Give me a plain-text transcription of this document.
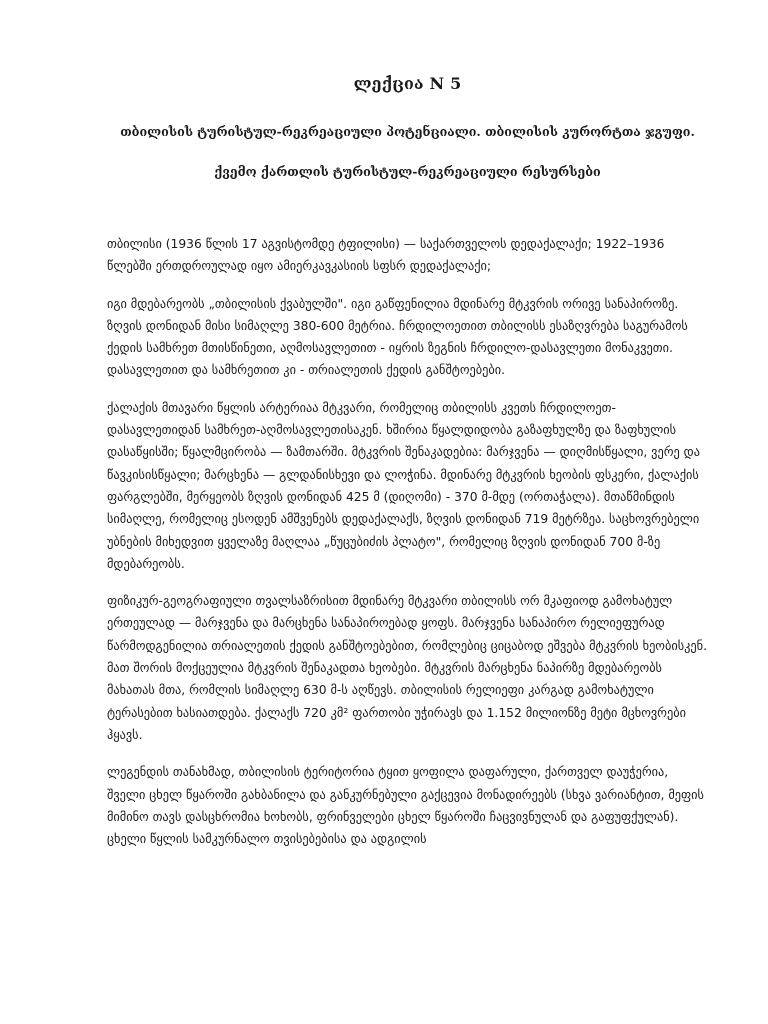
ლექცია N 5

თბილისის ტურისტულ-რეკრეაციული პოტენციალი. თბილისის კურორტთა ჯგუფი.

ქვემო ქართლის ტურისტულ-რეკრეაციული რესურსები

თბილისი (1936 წლის 17 აგვისტომდე ტფილისი) — საქართველოს დედაქალაქი; 1922–1936 წლებში ერთდროულად იყო ამიერკავკასიის სფსრ დედაქალაქი;

იგი მდებარეობს „თბილისის ქვაბულში". იგი გაწფენილია მდინარე მტკვრის ორივე სანაპიროზე. ზღვის დონიდან მისი სიმაღლე 380-600 მეტრია. ჩრდილოეთით თბილისს ესაზღვრება საგურამოს ქედის სამხრეთ მთისწინეთი, აღმოსავლეთით - იყრის ზეგნის ჩრდილო-დასავლეთი მონაკვეთი. დასავლეთით და სამხრეთით კი - თრიალეთის ქედის განშტოებები.

ქალაქის მთავარი წყლის არტერიაა მტკვარი, რომელიც თბილისს კვეთს ჩრდილოეთ-დასავლეთიდან სამხრეთ-აღმოსავლეთისაკენ. ხშირია წყალდიდობა გაზაფხულზე და ზაფხულის დასაწყისში; წყალმცირობა — ზამთარში. მტკვრის შენაკადებია: მარჯვენა — დიღმისწყალი, ვერე და წავკისისწყალი; მარცხენა — გლდანისხევი და ლოჭინა. მდინარე მტკვრის ხეობის ფსკერი, ქალაქის ფარგლებში, მერყეობს ზღვის დონიდან 425 მ (დიღომი) - 370 მ-მდე (ორთაჭალა). მთაწმინდის სიმაღლე, რომელიც ესოდენ ამშვენებს დედაქალაქს, ზღვის დონიდან 719 მეტრზეა. საცხოვრებელი უბნების მიხედვით ყველაზე მაღლაა „წუცუბიძის პლატო", რომელიც ზღვის დონიდან 700 მ-ზე მდებარეობს.

ფიზიკურ-გეოგრაფიული თვალსაზრისით მდინარე მტკვარი თბილისს ორ მკაფიოდ გამოხატულ ერთეულად — მარჯვენა და მარცხენა სანაპიროებად ყოფს. მარჯვენა სანაპირო რელიეფურად წარმოდგენილია თრიალეთის ქედის განშტოებებით, რომლებიც ციცაბოდ ეშვება მტკვრის ხეობისკენ. მათ შორის მოქცეულია მტკვრის შენაკადთა ხეობები. მტკვრის მარცხენა ნაპირზე მდებარეობს მახათას მთა, რომლის სიმაღლე 630 მ-ს აღწევს. თბილისის რელიეფი კარგად გამოხატული ტერასებით ხასიათდება. ქალაქს 720 კმ² ფართობი უჭირავს და 1.152 მილიონზე მეტი მცხოვრები ჰყავს.

ლეგენდის თანახმად, თბილისის ტერიტორია ტყით ყოფილა დაფარული, ქართველ დაუჭერია, შველი ცხელ წყაროში გახბანილა და განკურნებული გაქცევია მონადირეებს (სხვა ვარიანტით, მეფის მიმინო თავს დასცხრომია ხოხობს, ფრინველები ცხელ წყაროში ჩაცვივნულან და გაფუფქულან). ცხელი წყლის სამკურნალო თვისებებისა და ადგილის
